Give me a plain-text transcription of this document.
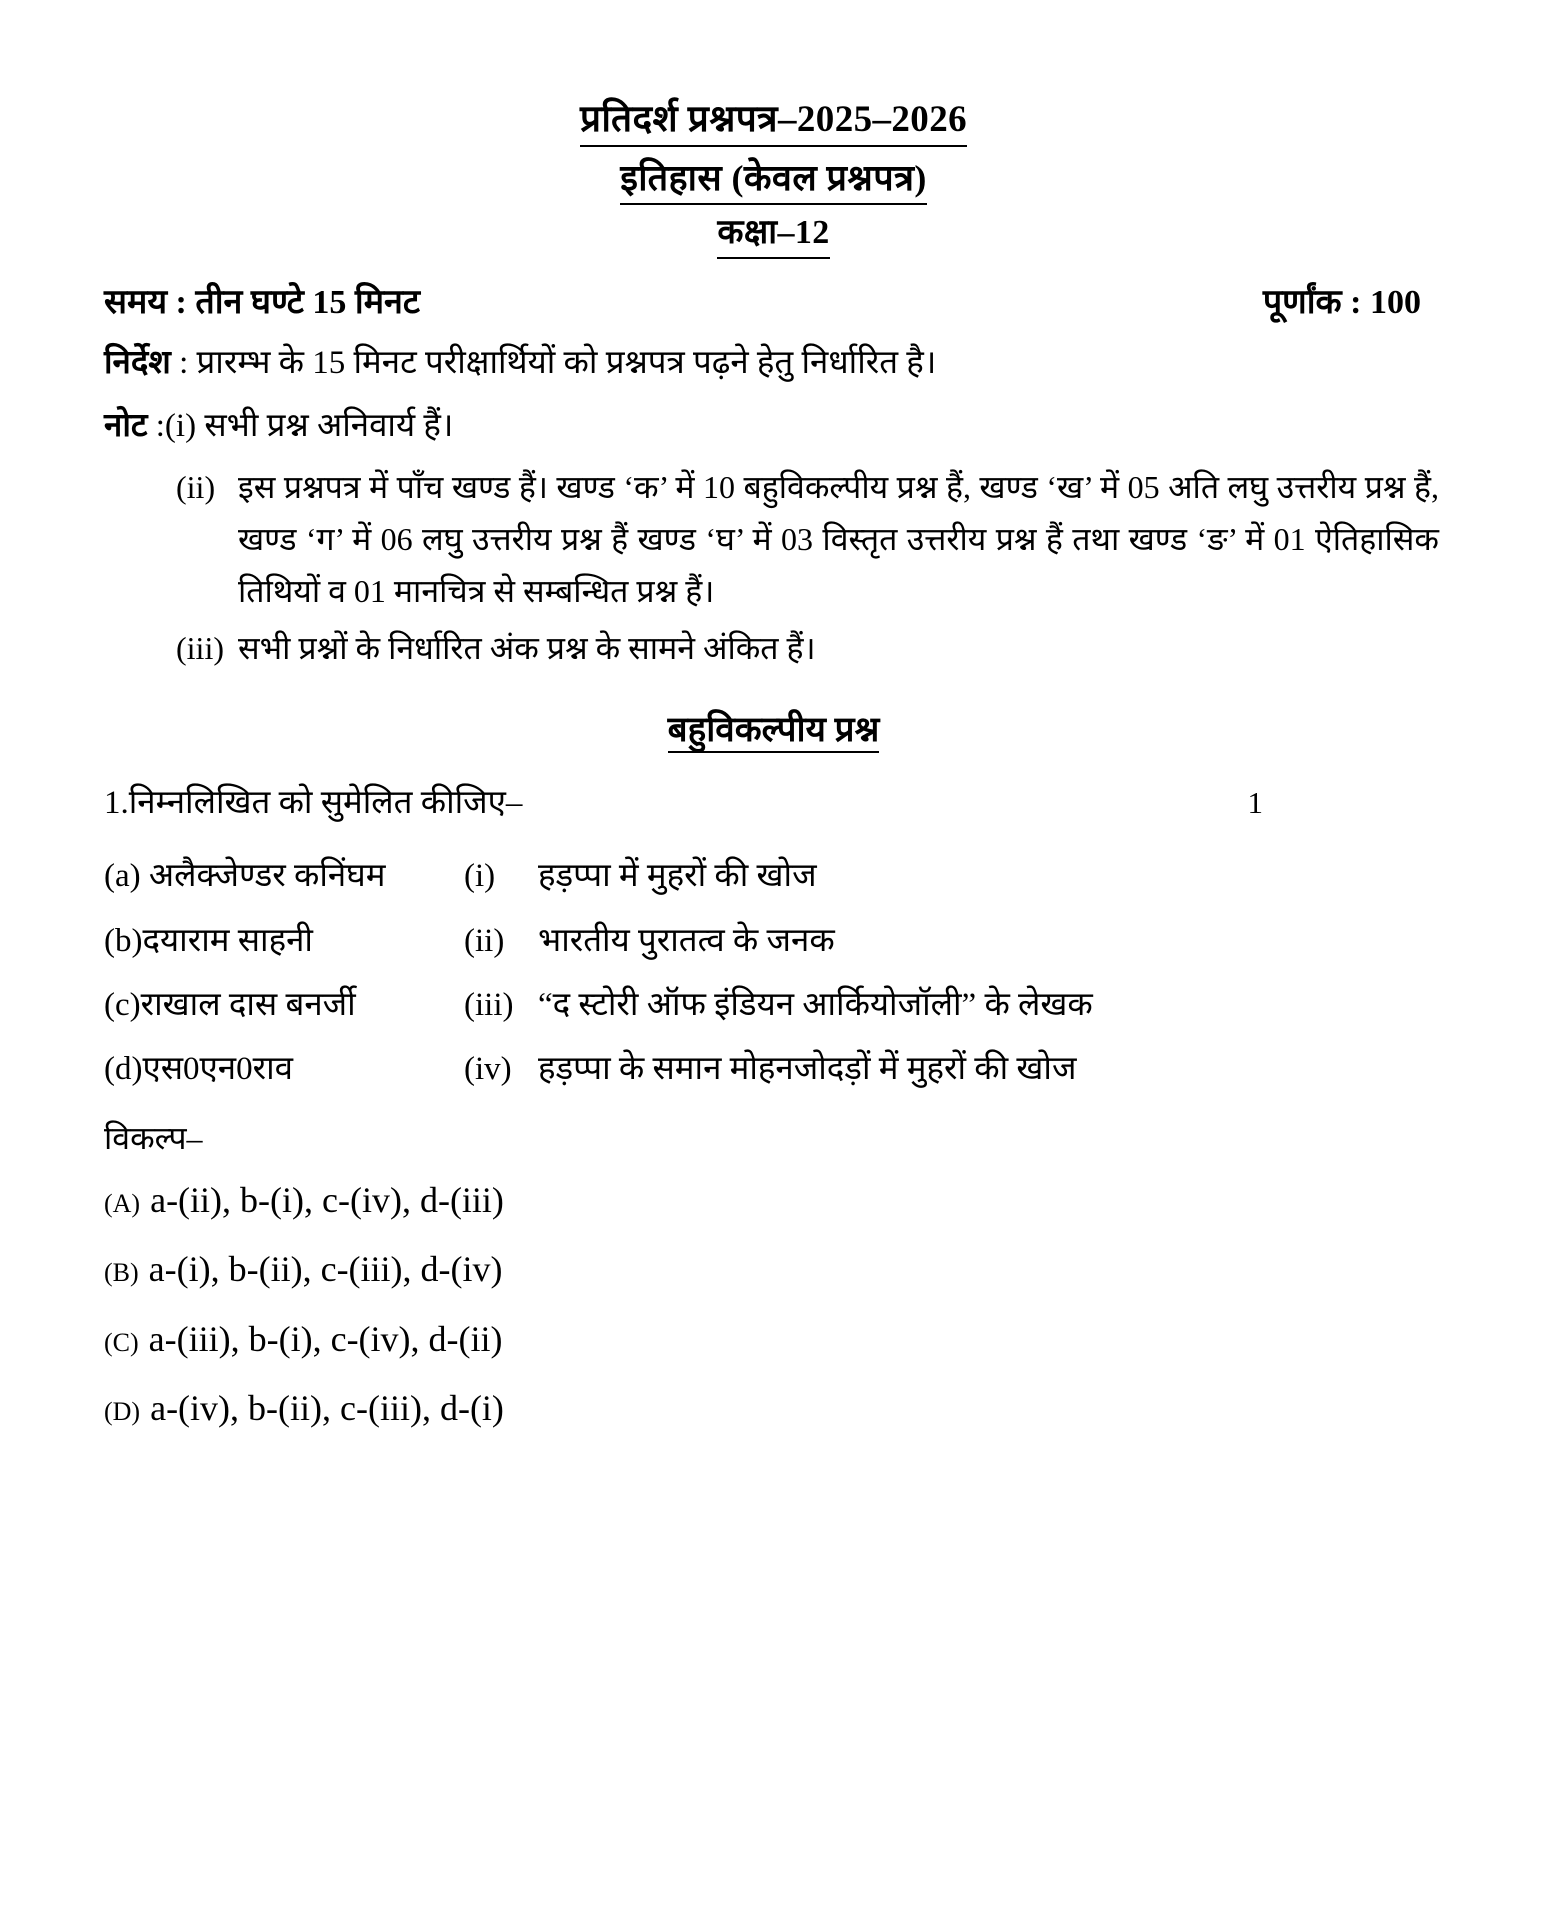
प्रतिदर्श प्रश्नपत्र–2025–2026
इतिहास (केवल प्रश्नपत्र)
कक्षा–12
समय : तीन घण्टे 15 मिनट	पूर्णांक : 100
निर्देश : प्रारम्भ के 15 मिनट परीक्षार्थियों को प्रश्नपत्र पढ़ने हेतु निर्धारित है।
नोट :(i) सभी प्रश्न अनिवार्य हैं।
(ii) इस प्रश्नपत्र में पाँच खण्ड हैं। खण्ड ‘क’ में 10 बहुविकल्पीय प्रश्न हैं, खण्ड ‘ख’ में 05 अति लघु उत्तरीय प्रश्न हैं, खण्ड ‘ग’ में 06 लघु उत्तरीय प्रश्न हैं खण्ड ‘घ’ में 03 विस्तृत उत्तरीय प्रश्न हैं तथा खण्ड ‘ङ’ में 01 ऐतिहासिक तिथियों व 01 मानचित्र से सम्बन्धित प्रश्न हैं।
(iii) सभी प्रश्नों के निर्धारित अंक प्रश्न के सामने अंकित हैं।
बहुविकल्पीय प्रश्न
1.निम्नलिखित को सुमेलित कीजिए–	1
(a) अलैक्जेण्डर कनिंघम	(i)	हड़प्पा में मुहरों की खोज
(b)दयाराम साहनी	(ii)	भारतीय पुरातत्व के जनक
(c)राखाल दास बनर्जी	(iii)	“द स्टोरी ऑफ इंडियन आर्कियोजॉली” के लेखक
(d)एस0एन0राव	(iv)	हड़प्पा के समान मोहनजोदड़ों में मुहरों की खोज
विकल्प–
(A) a-(ii), b-(i), c-(iv), d-(iii)
(B) a-(i), b-(ii), c-(iii), d-(iv)
(C) a-(iii), b-(i), c-(iv), d-(ii)
(D) a-(iv), b-(ii), c-(iii), d-(i)
